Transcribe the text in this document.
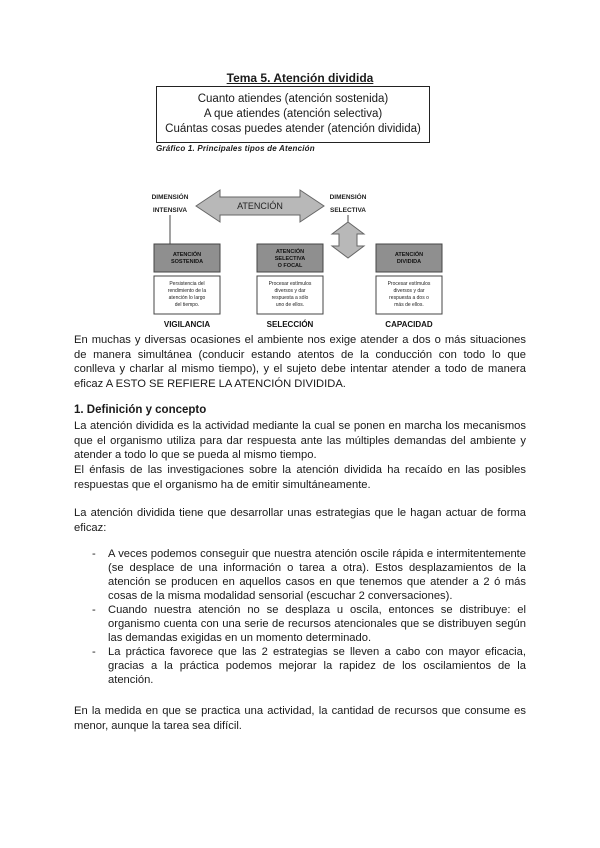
Tema 5. Atención dividida
Cuanto atiendes (atención sostenida)
A que atiendes (atención selectiva)
Cuántas cosas puedes atender (atención dividida)
Gráfico 1. Principales tipos de Atención
ATENCIÓN
DIMENSIÓN
INTENSIVA
DIMENSIÓN
SELECTIVA
ATENCIÓN
SOSTENIDA
Persistencia del
rendimiento de la
atención lo largo
del tiempo.
VIGILANCIA
ATENCIÓN
SELECTIVA
O FOCAL
Procesar estímulos
diversos y dar
respuesta a sólo
uno de ellos.
SELECCIÓN
ATENCIÓN
DIVIDIDA
Procesar estímulos
diversos y dar
respuesta a dos o
más de ellos.
CAPACIDAD

En muchas y diversas ocasiones el ambiente nos exige atender a dos o más situaciones de manera simultánea (conducir estando atentos de la conducción con todo lo que conlleva y charlar al mismo tiempo), y el sujeto debe intentar atender a todo de manera eficaz A ESTO SE REFIERE LA ATENCIÓN DIVIDIDA.

1. Definición y concepto

La atención dividida es la actividad mediante la cual se ponen en marcha los mecanismos que el organismo utiliza para dar respuesta ante las múltiples demandas del ambiente y atender a todo lo que se pueda al mismo tiempo.

El énfasis de las investigaciones sobre la atención dividida ha recaído en las posibles respuestas que el organismo ha de emitir simultáneamente.

La atención dividida tiene que desarrollar unas estrategias que le hagan actuar de forma eficaz:

- A veces podemos conseguir que nuestra atención oscile rápida e intermitentemente (se desplace de una información o tarea a otra). Estos desplazamientos de la atención se producen en aquellos casos en que tenemos que atender a 2 ó más cosas de la misma modalidad sensorial (escuchar 2 conversaciones).
- Cuando nuestra atención no se desplaza u oscila, entonces se distribuye: el organismo cuenta con una serie de recursos atencionales que se distribuyen según las demandas exigidas en un momento determinado.
- La práctica favorece que las 2 estrategias se lleven a cabo con mayor eficacia, gracias a la práctica podemos mejorar la rapidez de los oscilamientos de la atención.

En la medida en que se practica una actividad, la cantidad de recursos que consume es menor, aunque la tarea sea difícil.
